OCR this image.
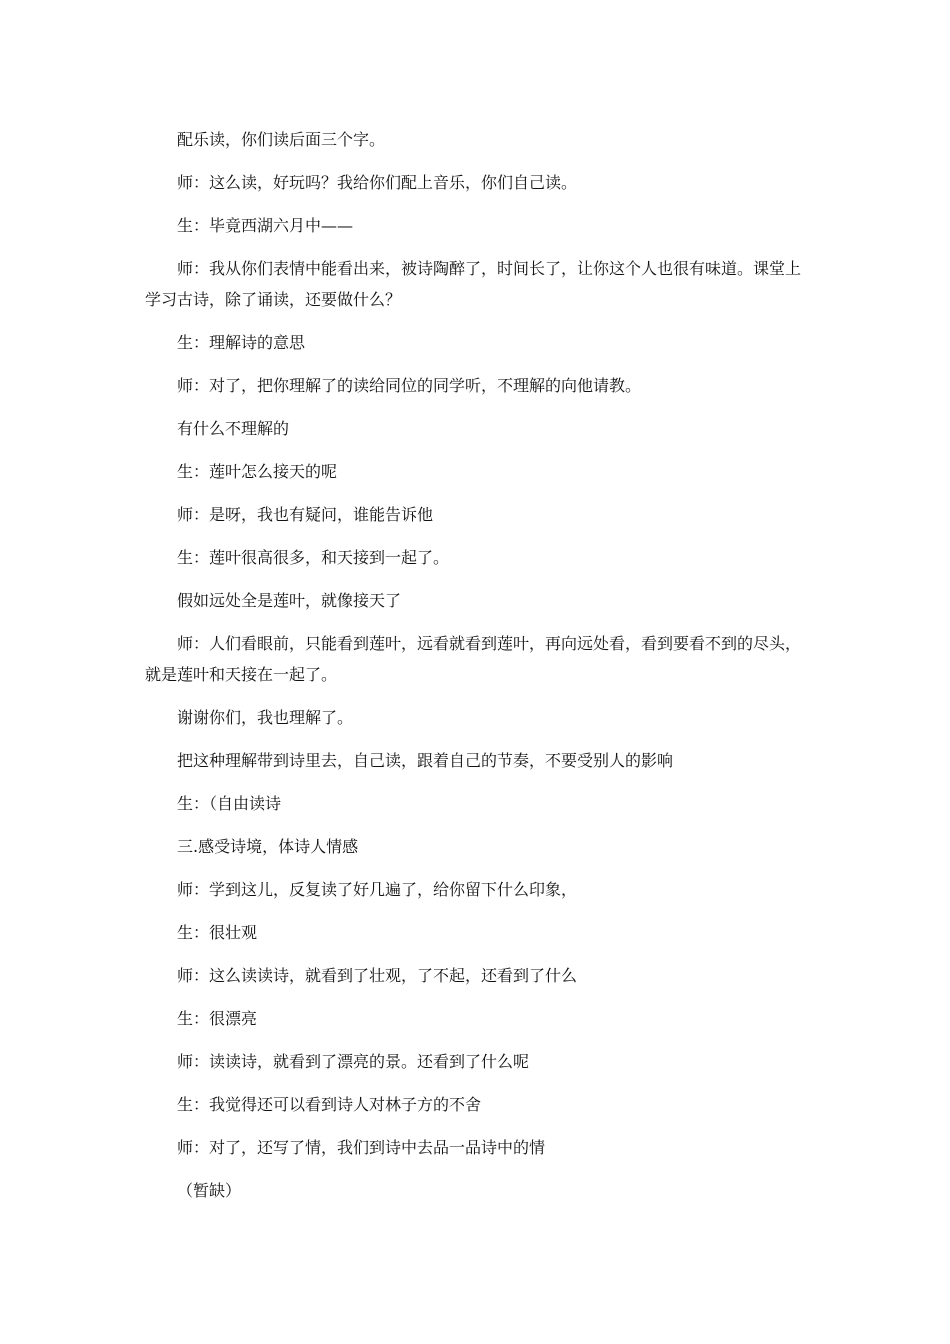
配乐读，你们读后面三个字。

师：这么读，好玩吗？我给你们配上音乐，你们自己读。

生：毕竟西湖六月中——

师：我从你们表情中能看出来，被诗陶醉了，时间长了，让你这个人也很有味道。课堂上学习古诗，除了诵读，还要做什么？

生：理解诗的意思

师：对了，把你理解了的读给同位的同学听，不理解的向他请教。

有什么不理解的

生：莲叶怎么接天的呢

师：是呀，我也有疑问，谁能告诉他

生：莲叶很高很多，和天接到一起了。

假如远处全是莲叶，就像接天了

师：人们看眼前，只能看到莲叶，远看就看到莲叶，再向远处看，看到要看不到的尽头，就是莲叶和天接在一起了。

谢谢你们，我也理解了。

把这种理解带到诗里去，自己读，跟着自己的节奏，不要受别人的影响

生：（自由读诗

三.感受诗境，体诗人情感

师：学到这儿，反复读了好几遍了，给你留下什么印象，

生：很壮观

师：这么读读诗，就看到了壮观，了不起，还看到了什么

生：很漂亮

师：读读诗，就看到了漂亮的景。还看到了什么呢

生：我觉得还可以看到诗人对林子方的不舍

师：对了，还写了情，我们到诗中去品一品诗中的情

（暂缺）
